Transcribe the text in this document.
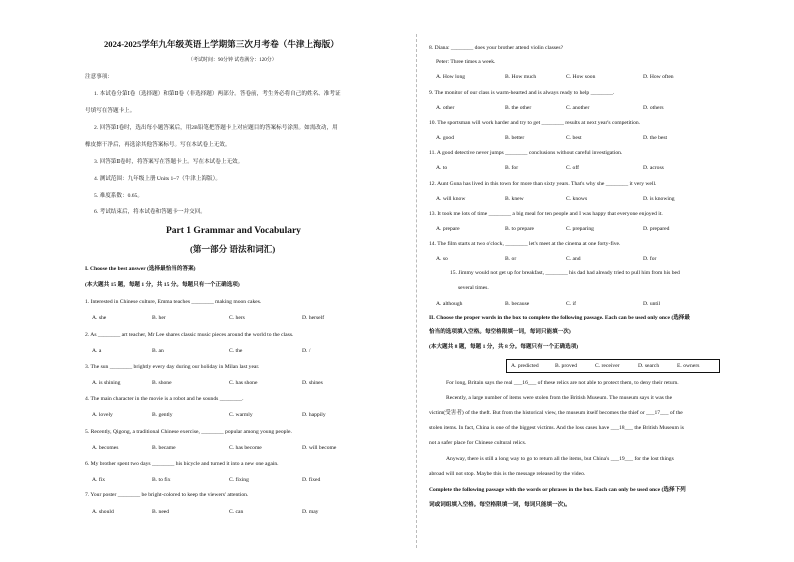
2024-2025学年九年级英语上学期第三次月考卷（牛津上海版）
（考试时间：90分钟 试卷满分：120分）
注意事项：
1. 本试卷分第Ⅰ卷（选择题）和第Ⅱ卷（非选择题）两部分。答卷前，考生务必将自己的姓名、准考证
号填写在答题卡上。
2. 回答第Ⅰ卷时，选出每小题答案后，用2B铅笔把答题卡上对应题目的答案标号涂黑。如需改动，用
橡皮擦干净后，再选涂其他答案标号。写在本试卷上无效。
3. 回答第Ⅱ卷时，将答案写在答题卡上。写在本试卷上无效。
4. 测试范围：九年级上册 Units 1~7（牛津上海版）。
5. 难度系数：0.65。
6. 考试结束后，将本试卷和答题卡一并交回。
Part 1 Grammar and Vocabulary
(第一部分 语法和词汇)
I. Choose the best answer (选择最恰当的答案)
(本大题共 15 题，每题 1 分，共 15 分。每题只有一个正确选项)
1. Interested in Chinese culture, Emma teaches ________ making moon cakes.
A. she	B. her	C. hers	D. herself
2. As ________ art teacher, Mr Lee shares classic music pieces around the world to the class.
A. a	B. an	C. the	D. /
3. The sun ________ brightly every day during our holiday in Milan last year.
A. is shining	B. shone	C. has shone	D. shines
4. The main character in the movie is a robot and he sounds ________.
A. lovely	B. gently	C. warmly	D. happily
5. Recently, Qigong, a traditional Chinese exercise, ________ popular among young people.
A. becomes	B. became	C. has become	D. will become
6. My brother spent two days ________ his bicycle and turned it into a new one again.
A. fix	B. to fix	C. fixing	D. fixed
7. Your poster ________ be bright-colored to keep the viewers' attention.
A. should	B. need	C. can	D. may
8. Diana: ________ does your brother attend violin classes?
Peter: Three times a week.
A. How long	B. How much	C. How soon	D. How often
9. The monitor of our class is warm-hearted and is always ready to help ________.
A. other	B. the other	C. another	D. others
10. The sportsman will work harder and try to get ________ results at next year's competition.
A. good	B. better	C. best	D. the best
11. A good detective never jumps ________ conclusions without careful investigation.
A. to	B. for	C. off	D. across
12. Aunt Guna has lived in this town for more than sixty years. That's why she ________ it very well.
A. will know	B. knew	C. knows	D. is knowing
13. It took me lots of time ________ a big meal for ten people and I was happy that everyone enjoyed it.
A. prepare	B. to prepare	C. preparing	D. prepared
14. The film starts at two o'clock, ________ let's meet at the cinema at one forty-five.
A. so	B. or	C. and	D. for
15. Jimmy would not get up for breakfast, ________ his dad had already tried to pull him from his bed
several times.
A. although	B. because	C. if	D. until
II. Choose the proper words in the box to complete the following passage. Each can be used only once (选择最
恰当的选项填入空格。每空格限填一词，每词只能填一次)
(本大题共 8 题，每题 1 分，共 8 分。每题只有一个正确选项)
A. predicted	B. proved	C. receiver	D. search	E. owners
For long, Britain says the real ___16___ of these relics are not able to protect them, to deny their return.
Recently, a large number of items were stolen from the British Museum. The museum says it was the
victim(受害者) of the theft. But from the historical view, the museum itself becomes the thief or ___17___ of the
stolen items. In fact, China is one of the biggest victims. And the loss cases have ___18___ the British Museum is
not a safer place for Chinese cultural relics.
Anyway, there is still a long way to go to return all the items, but China's ___19___ for the lost things
abroad will not stop. Maybe this is the message released by the video.
Complete the following passage with the words or phrases in the box. Each can only be used once (选择下列
词或词组填入空格。每空格限填一词，每词只能填一次)。
